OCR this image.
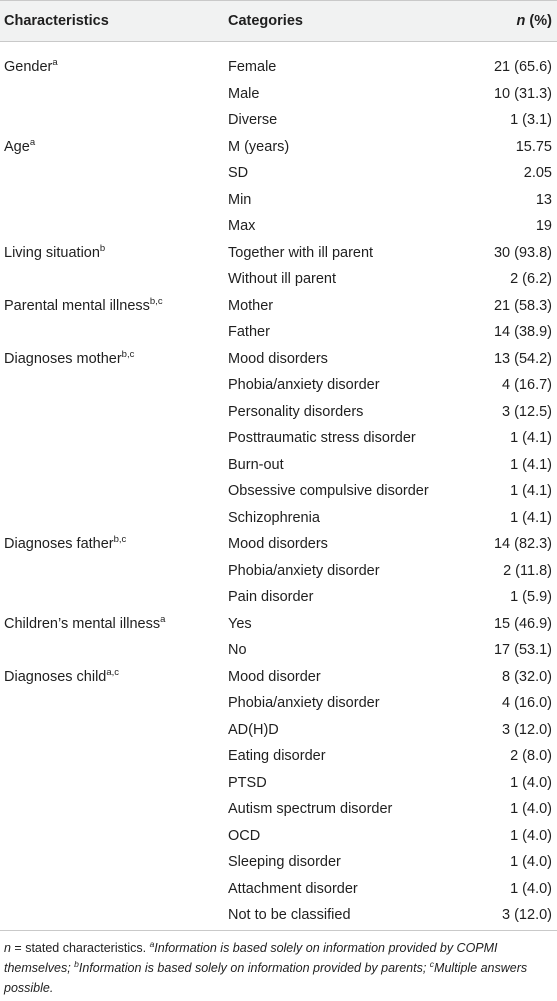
Characteristics	Categories	n (%)
Gender$^a$	Female	21 (65.6)
Male	10 (31.3)
Diverse	1 (3.1)
Age$^a$	M (years)	15.75
SD	2.05
Min	13
Max	19
Living situation$^b$	Together with ill parent	30 (93.8)
Without ill parent	2 (6.2)
Parental mental illness$^{b,c}$	Mother	21 (58.3)
Father	14 (38.9)
Diagnoses mother$^{b,c}$	Mood disorders	13 (54.2)
Phobia/anxiety disorder	4 (16.7)
Personality disorders	3 (12.5)
Posttraumatic stress disorder	1 (4.1)
Burn-out	1 (4.1)
Obsessive compulsive disorder	1 (4.1)
Schizophrenia	1 (4.1)
Diagnoses father$^{b,c}$	Mood disorders	14 (82.3)
Phobia/anxiety disorder	2 (11.8)
Pain disorder	1 (5.9)
Children’s mental illness$^a$	Yes	15 (46.9)
No	17 (53.1)
Diagnoses child$^{a,c}$	Mood disorder	8 (32.0)
Phobia/anxiety disorder	4 (16.0)
AD(H)D	3 (12.0)
Eating disorder	2 (8.0)
PTSD	1 (4.0)
Autism spectrum disorder	1 (4.0)
OCD	1 (4.0)
Sleeping disorder	1 (4.0)
Attachment disorder	1 (4.0)
Not to be classified	3 (12.0)
n = stated characteristics. $^a$Information is based solely on information provided by COPMI themselves; $^b$Information is based solely on information provided by parents; $^c$Multiple answers possible.
